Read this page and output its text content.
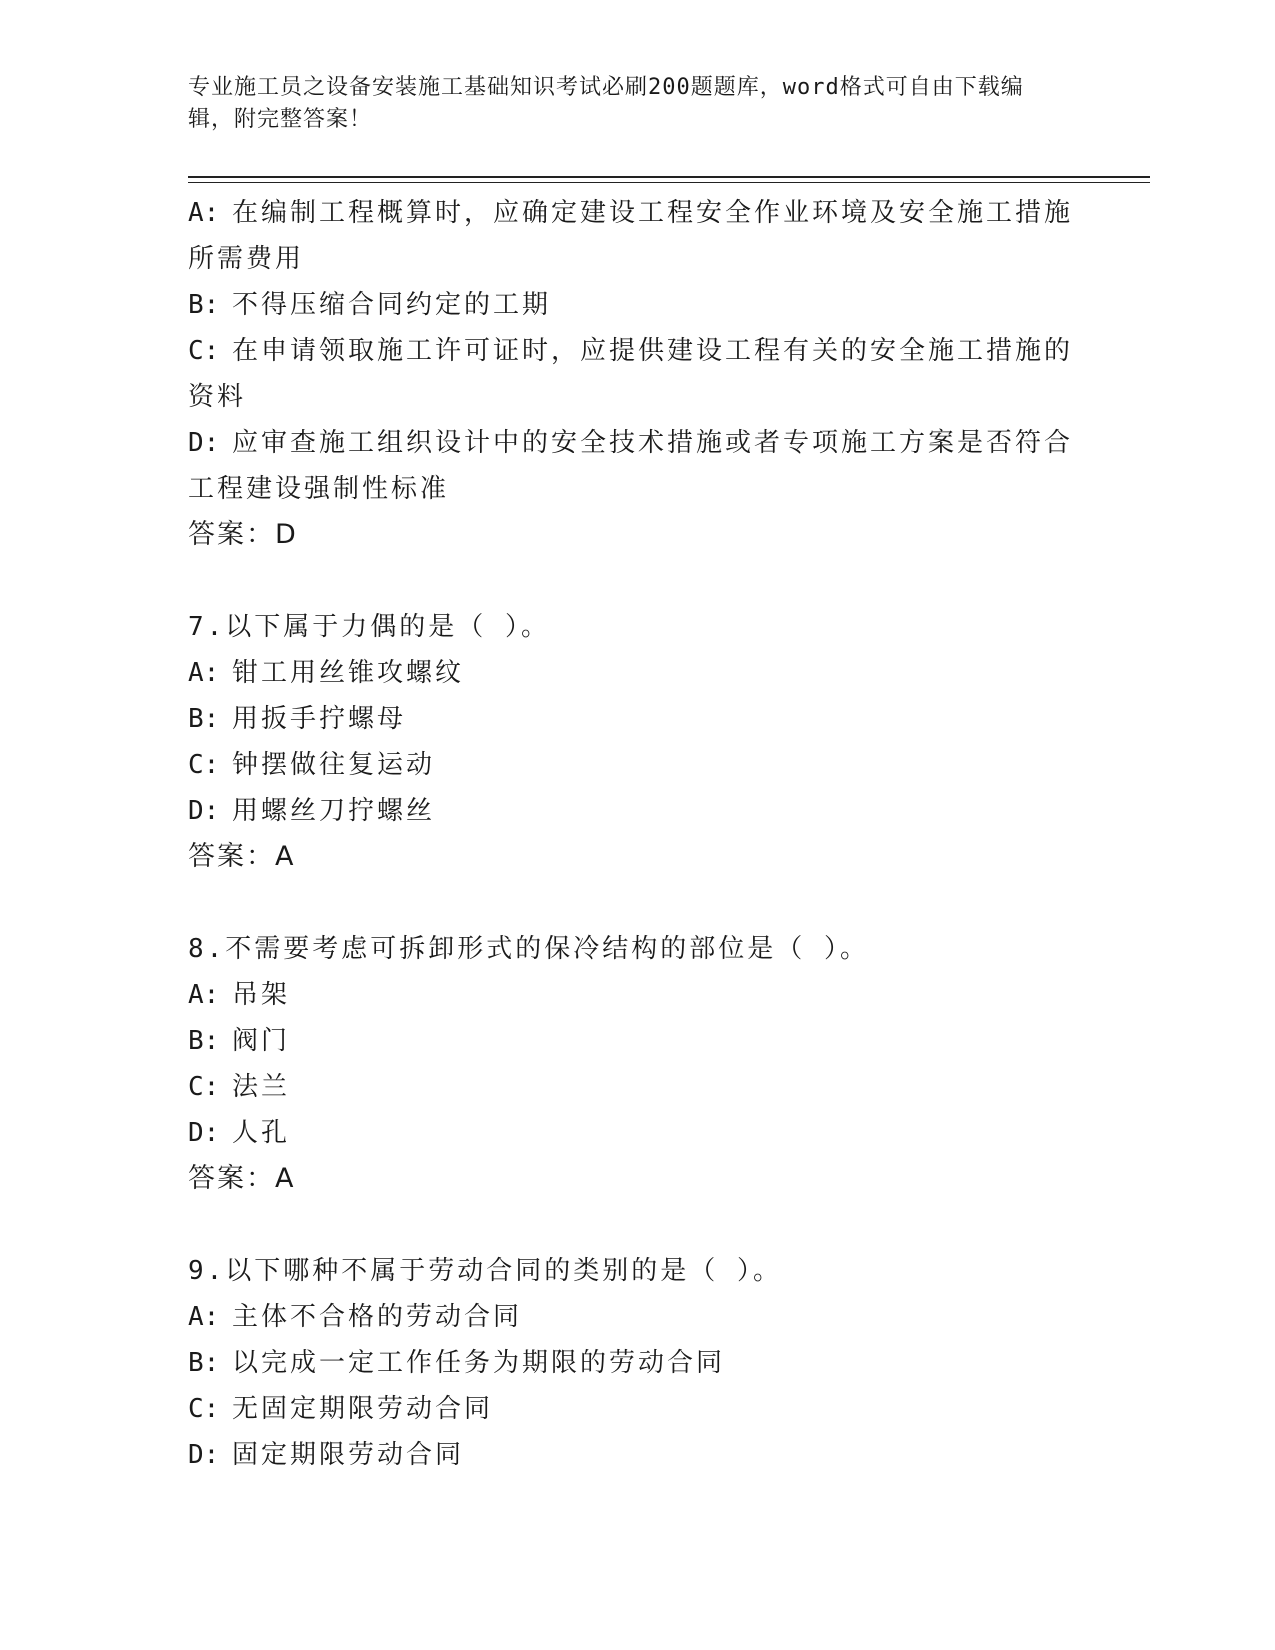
专业施工员之设备安装施工基础知识考试必刷200题题库，word格式可自由下载编辑，附完整答案！
A: 在编制工程概算时，应确定建设工程安全作业环境及安全施工措施所需费用
B: 不得压缩合同约定的工期
C: 在申请领取施工许可证时，应提供建设工程有关的安全施工措施的资料
D: 应审查施工组织设计中的安全技术措施或者专项施工方案是否符合工程建设强制性标准
答案：D
7.以下属于力偶的是（ ）。
A: 钳工用丝锥攻螺纹
B: 用扳手拧螺母
C: 钟摆做往复运动
D: 用螺丝刀拧螺丝
答案：A
8.不需要考虑可拆卸形式的保冷结构的部位是（ ）。
A: 吊架
B: 阀门
C: 法兰
D: 人孔
答案：A
9.以下哪种不属于劳动合同的类别的是（ ）。
A: 主体不合格的劳动合同
B: 以完成一定工作任务为期限的劳动合同
C: 无固定期限劳动合同
D: 固定期限劳动合同
